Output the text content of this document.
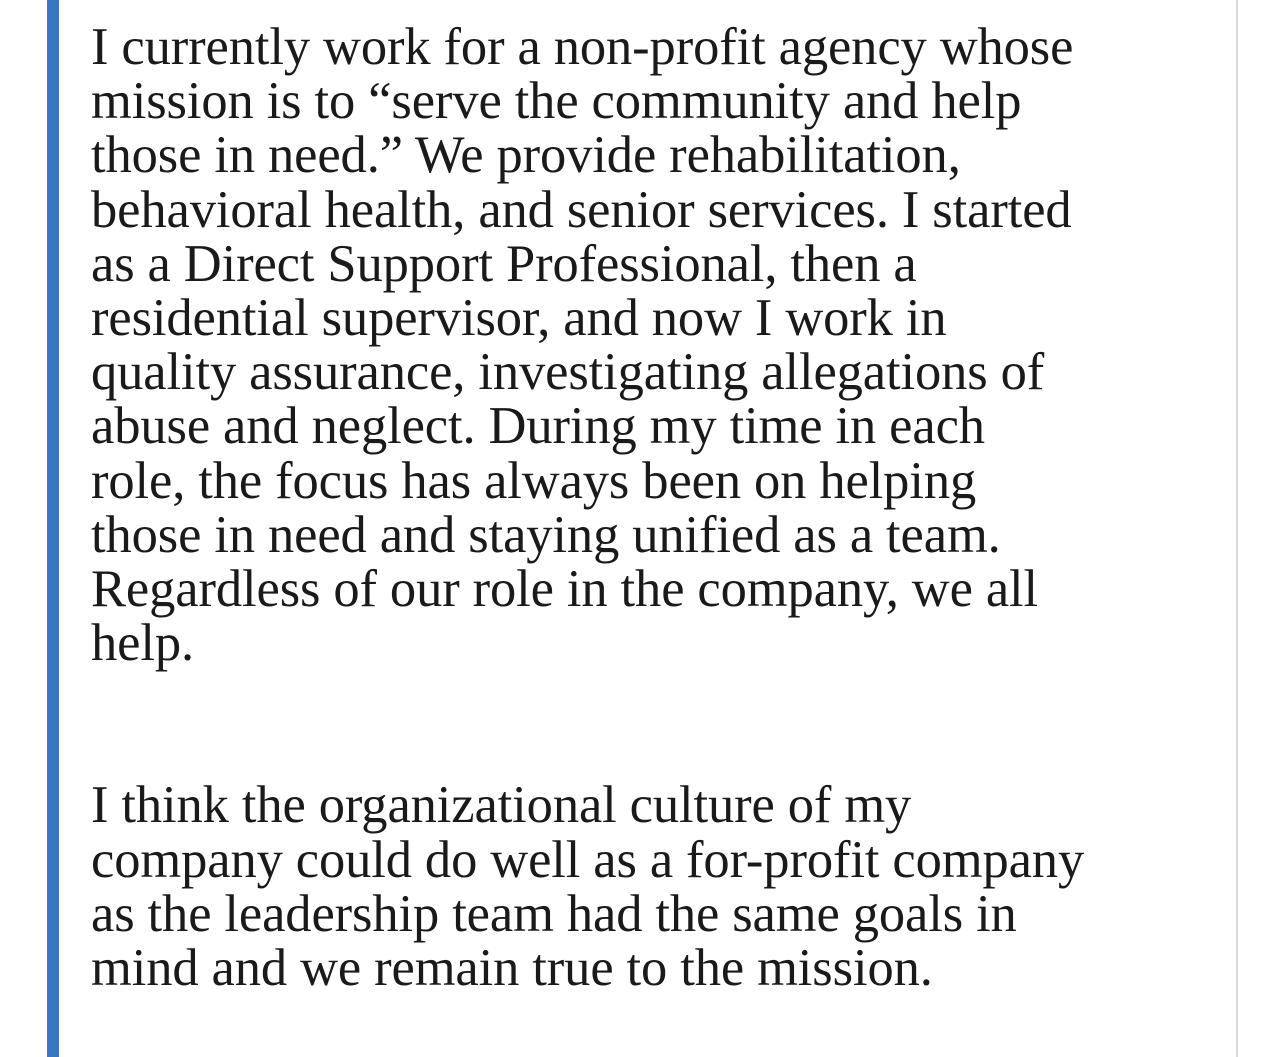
I currently work for a non-profit agency whose
mission is to “serve the community and help
those in need.” We provide rehabilitation,
behavioral health, and senior services. I started
as a Direct Support Professional, then a
residential supervisor, and now I work in
quality assurance, investigating allegations of
abuse and neglect. During my time in each
role, the focus has always been on helping
those in need and staying unified as a team.
Regardless of our role in the company, we all
help.

I think the organizational culture of my
company could do well as a for-profit company
as the leadership team had the same goals in
mind and we remain true to the mission.
